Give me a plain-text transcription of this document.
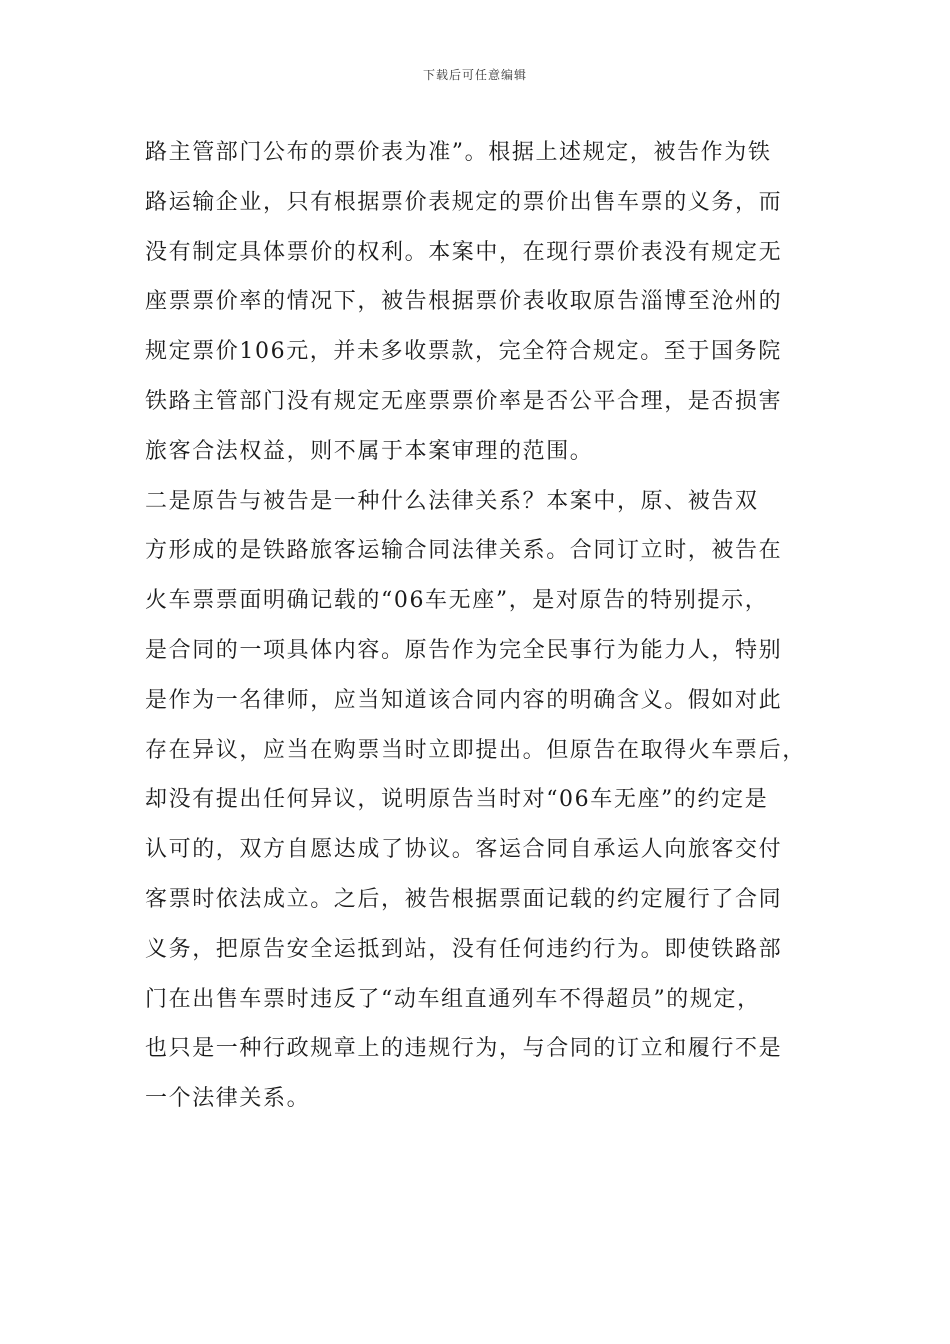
下载后可任意编辑

路主管部门公布的票价表为准”。根据上述规定，被告作为铁
路运输企业，只有根据票价表规定的票价出售车票的义务，而
没有制定具体票价的权利。本案中，在现行票价表没有规定无
座票票价率的情况下，被告根据票价表收取原告淄博至沧州的
规定票价106元，并未多收票款，完全符合规定。至于国务院
铁路主管部门没有规定无座票票价率是否公平合理，是否损害
旅客合法权益，则不属于本案审理的范围。

二是原告与被告是一种什么法律关系？本案中，原、被告双
方形成的是铁路旅客运输合同法律关系。合同订立时，被告在
火车票票面明确记载的“06车无座”，是对原告的特别提示，
是合同的一项具体内容。原告作为完全民事行为能力人，特别
是作为一名律师，应当知道该合同内容的明确含义。假如对此
存在异议，应当在购票当时立即提出。但原告在取得火车票后，
却没有提出任何异议，说明原告当时对“06车无座”的约定是
认可的，双方自愿达成了协议。客运合同自承运人向旅客交付
客票时依法成立。之后，被告根据票面记载的约定履行了合同
义务，把原告安全运抵到站，没有任何违约行为。即使铁路部
门在出售车票时违反了“动车组直通列车不得超员”的规定，
也只是一种行政规章上的违规行为，与合同的订立和履行不是
一个法律关系。
